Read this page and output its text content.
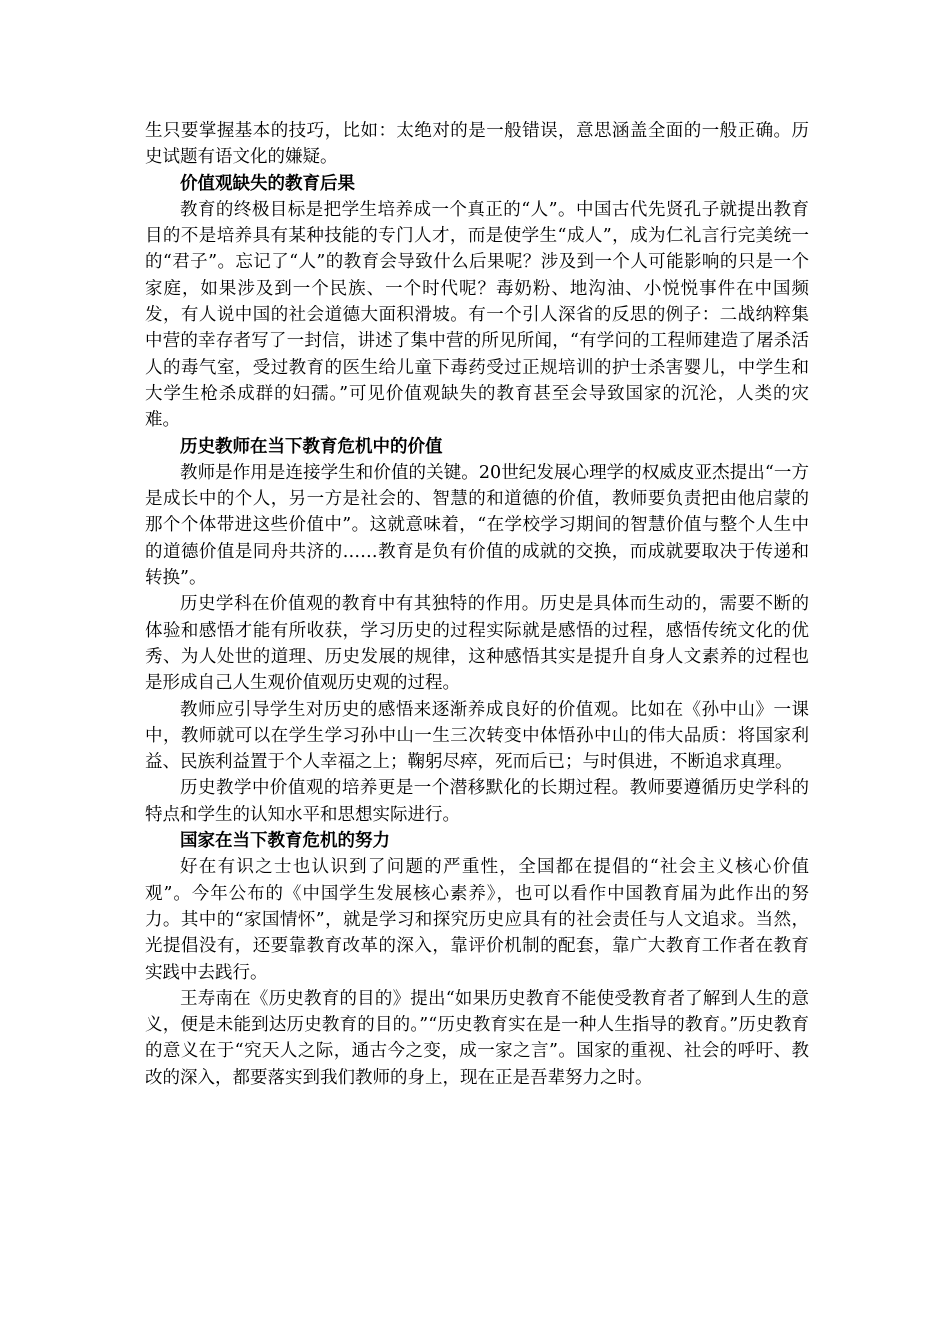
生只要掌握基本的技巧，比如：太绝对的是一般错误，意思涵盖全面的一般正确。历史试题有语文化的嫌疑。

价值观缺失的教育后果

教育的终极目标是把学生培养成一个真正的“人”。中国古代先贤孔子就提出教育目的不是培养具有某种技能的专门人才，而是使学生“成人”，成为仁礼言行完美统一的“君子”。忘记了“人”的教育会导致什么后果呢？涉及到一个人可能影响的只是一个家庭，如果涉及到一个民族、一个时代呢？毒奶粉、地沟油、小悦悦事件在中国频发，有人说中国的社会道德大面积滑坡。有一个引人深省的反思的例子：二战纳粹集中营的幸存者写了一封信，讲述了集中营的所见所闻，“有学问的工程师建造了屠杀活人的毒气室，受过教育的医生给儿童下毒药受过正规培训的护士杀害婴儿，中学生和大学生枪杀成群的妇孺。”可见价值观缺失的教育甚至会导致国家的沉沦，人类的灾难。

历史教师在当下教育危机中的价值

教师是作用是连接学生和价值的关键。20世纪发展心理学的权威皮亚杰提出“一方是成长中的个人，另一方是社会的、智慧的和道德的价值，教师要负责把由他启蒙的那个个体带进这些价值中”。这就意味着，“在学校学习期间的智慧价值与整个人生中的道德价值是同舟共济的……教育是负有价值的成就的交换，而成就要取决于传递和转换”。

历史学科在价值观的教育中有其独特的作用。历史是具体而生动的，需要不断的体验和感悟才能有所收获，学习历史的过程实际就是感悟的过程，感悟传统文化的优秀、为人处世的道理、历史发展的规律，这种感悟其实是提升自身人文素养的过程也是形成自己人生观价值观历史观的过程。

教师应引导学生对历史的感悟来逐渐养成良好的价值观。比如在《孙中山》一课中，教师就可以在学生学习孙中山一生三次转变中体悟孙中山的伟大品质：将国家利益、民族利益置于个人幸福之上；鞠躬尽瘁，死而后已；与时俱进，不断追求真理。

历史教学中价值观的培养更是一个潜移默化的长期过程。教师要遵循历史学科的特点和学生的认知水平和思想实际进行。

国家在当下教育危机的努力

好在有识之士也认识到了问题的严重性，全国都在提倡的“社会主义核心价值观”。今年公布的《中国学生发展核心素养》，也可以看作中国教育届为此作出的努力。其中的“家国情怀”，就是学习和探究历史应具有的社会责任与人文追求。当然，光提倡没有，还要靠教育改革的深入，靠评价机制的配套，靠广大教育工作者在教育实践中去践行。

王寿南在《历史教育的目的》提出“如果历史教育不能使受教育者了解到人生的意义，便是未能到达历史教育的目的。”“历史教育实在是一种人生指导的教育。”历史教育的意义在于“究天人之际，通古今之变，成一家之言”。国家的重视、社会的呼吁、教改的深入，都要落实到我们教师的身上，现在正是吾辈努力之时。
